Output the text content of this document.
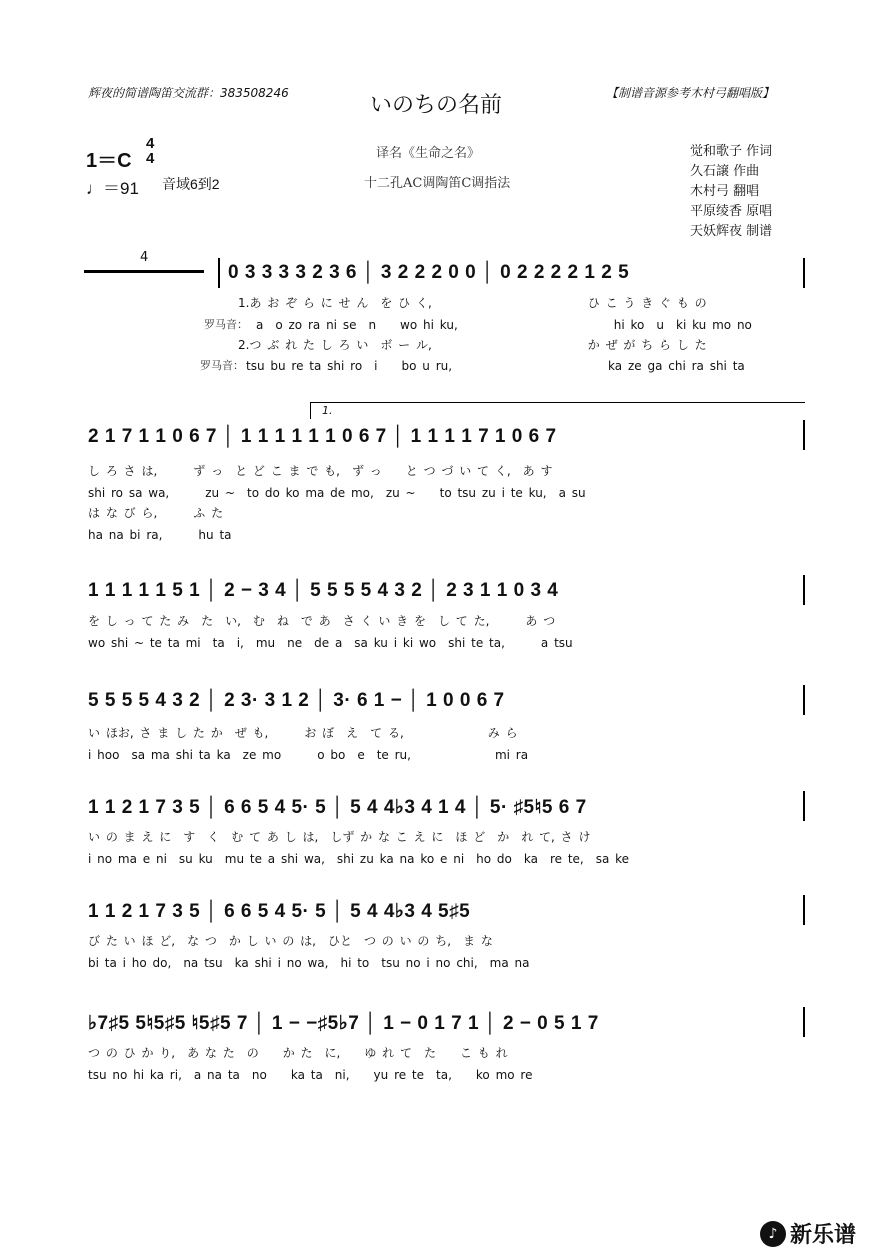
辉夜的简谱陶笛交流群：383508246	【制谱音源参考木村弓翻唱版】
いのちの名前
1＝C
4
4
♩＝91 音域6到2
译名《生命之名》
十二孔AC调陶笛C调指法
觉和歌子 作词
久石譲 作曲
木村弓 翻唱
平原绫香 原唱
天妖辉夜 制谱
4
0 3 3 3 3 2 3 6 │ 3 2 2 2 0 0 │ 0 2 2 2 2 1 2 5
罗马音：
罗马音：
1.あ お ぞ ら に せ ん　を ひ く,　　　　　　　　　　　　　ひ こ う き ぐ も の
a　o zo ra ni se　n　　wo hi ku,　　　　　　　　　　　　　hi ko　u　ki ku mo no
2.つ ぶ れ た し ろ い　ボ ー ル,　　　　　　　　　　　　　か ぜ が ち ら し た
tsu bu re ta shi ro　i　　bo u ru,　　　　　　　　　　　　　ka ze ga chi ra shi ta
1.
2 1 7 1 1 0 6 7 │ 1 1 1 1 1 1 0 6 7 │ 1 1 1 1 7 1 0 6 7
し ろ さ は,　　　ず っ　と ど こ ま で も,　ず っ　　と つ づ い て く,　あ す
shi ro sa wa,　　　zu ~　to do ko ma de mo,　zu ~　　to tsu zu i te ku,　a su
は な び ら,　　　ふ た
ha na bi ra,　　　hu ta
1 1 1 1 1 5 1 │ 2 − 3 4 │ 5 5 5 5 4 3 2 │ 2 3 1 1 0 3 4
を し っ て た み　た　い,　む　ね　で あ　さ く い き を　し て た,　　　あ つ
wo shi ~ te ta mi　ta　i,　mu　ne　de a　sa ku i ki wo　shi te ta,　　　a tsu
5 5 5 5 4 3 2 │ 2 3· 3 1 2 │ 3· 6 1 − │ 1 0 0 6 7
い ほお, さ ま し た か　ぜ も,　　　お ぼ　え　て る,　　　　　　　み ら
i hoo　sa ma shi ta ka　ze mo　　　o bo　e　te ru,　　　　　　　mi ra
1 1 2 1 7 3 5 │ 6 6 5 4 5· 5 │ 5 4 4♭3 4 1 4 │ 5· ♯5♮5 6 7
い の ま え に　す　く　む て あ し は,　しず か な こ え に　ほ ど　か　れ て, さ け
i no ma e ni　su ku　mu te a shi wa,　shi zu ka na ko e ni　ho do　ka　re te,　sa ke
1 1 2 1 7 3 5 │ 6 6 5 4 5· 5 │ 5 4 4♭3 4 5♯5
び た い ほ ど,　な つ　か し い の は,　ひと　つ の い の ち,　ま な
bi ta i ho do,　na tsu　ka shi i no wa,　hi to　tsu no i no chi,　ma na
♭7♯5 5♮5♯5 ♮5♯5 7 │ 1 − −♯5♭7 │ 1 − 0 1 7 1 │ 2 − 0 5 1 7
つ の ひ か り,　あ な た　の　　か た　に,　　ゆ れ て　た　　こ も れ
tsu no hi ka ri,　a na ta　no　　ka ta　ni,　　yu re te　ta,　　ko mo re
♪ 新乐谱
